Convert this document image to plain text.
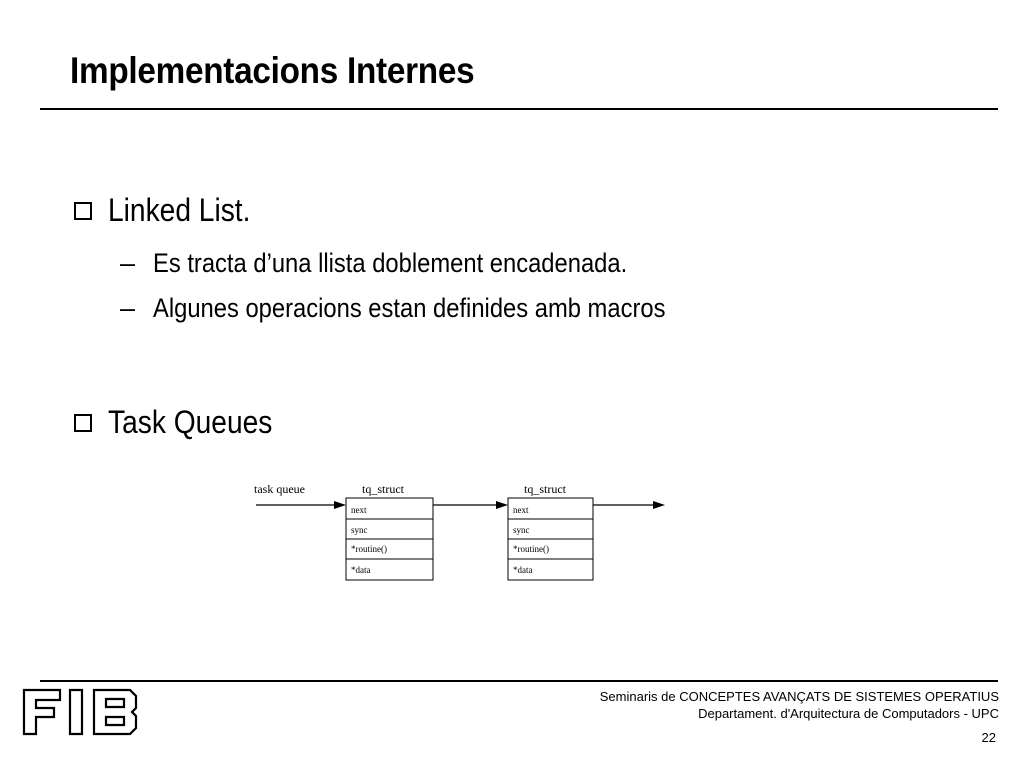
Implementacions Internes
Linked List.
– Es tracta d’una llista doblement encadenada.
– Algunes operacions estan definides amb macros
Task Queues
task queue	tq_struct
next
sync
*routine()
*data
tq_struct
next
sync
*routine()
*data
Seminaris de CONCEPTES AVANÇATS DE SISTEMES OPERATIUS
Departament. d'Arquitectura de Computadors - UPC
22
